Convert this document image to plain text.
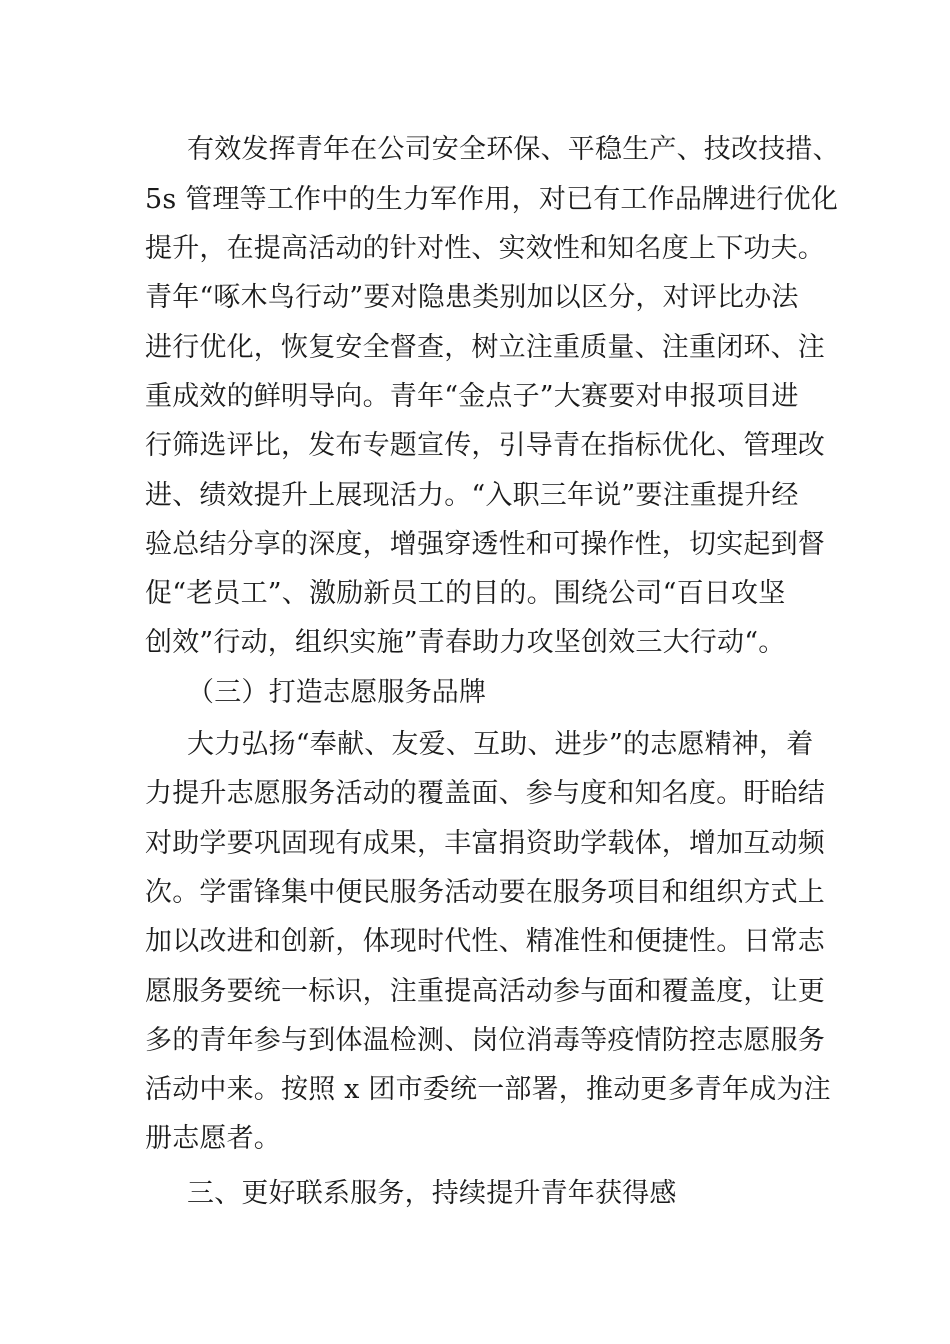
有效发挥青年在公司安全环保、平稳生产、技改技措、
5s 管理等工作中的生力军作用，对已有工作品牌进行优化
提升，在提高活动的针对性、实效性和知名度上下功夫。
青年“啄木鸟行动”要对隐患类别加以区分，对评比办法
进行优化，恢复安全督查，树立注重质量、注重闭环、注
重成效的鲜明导向。青年“金点子”大赛要对申报项目进
行筛选评比，发布专题宣传，引导青在指标优化、管理改
进、绩效提升上展现活力。“入职三年说”要注重提升经
验总结分享的深度，增强穿透性和可操作性，切实起到督
促“老员工”、激励新员工的目的。围绕公司“百日攻坚
创效”行动，组织实施”青春助力攻坚创效三大行动“。
（三）打造志愿服务品牌
大力弘扬“奉献、友爱、互助、进步”的志愿精神，着
力提升志愿服务活动的覆盖面、参与度和知名度。盱眙结
对助学要巩固现有成果，丰富捐资助学载体，增加互动频
次。学雷锋集中便民服务活动要在服务项目和组织方式上
加以改进和创新，体现时代性、精准性和便捷性。日常志
愿服务要统一标识，注重提高活动参与面和覆盖度，让更
多的青年参与到体温检测、岗位消毒等疫情防控志愿服务
活动中来。按照 x 团市委统一部署，推动更多青年成为注
册志愿者。
三、更好联系服务，持续提升青年获得感
